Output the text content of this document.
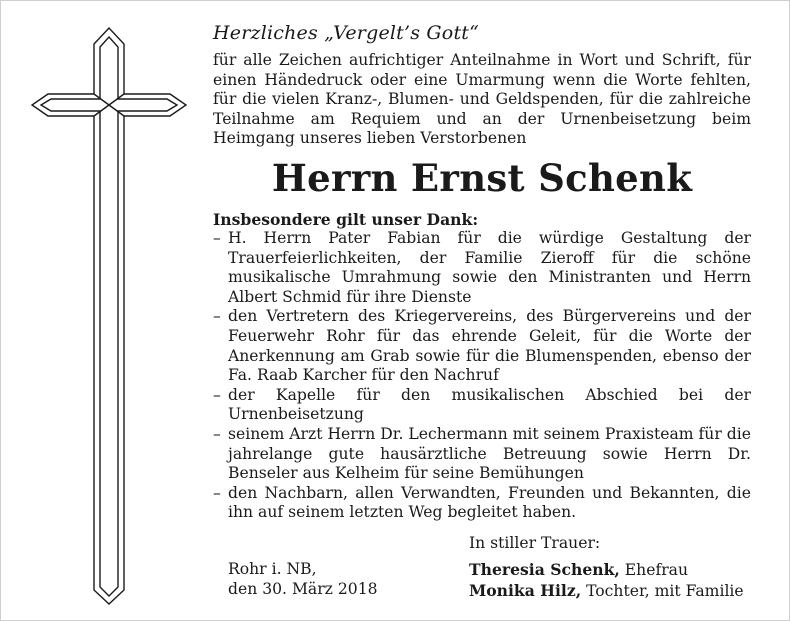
Herzliches „Vergelt’s Gott“
für alle Zeichen aufrichtiger Anteilnahme in Wort und Schrift, für einen Händedruck oder eine Umarmung wenn die Worte fehlten, für die vielen Kranz-, Blumen- und Geldspenden, für die zahlreiche Teilnahme am Requiem und an der Urnenbeisetzung beim Heimgang unseres lieben Verstorbenen
Herrn Ernst Schenk
Insbesondere gilt unser Dank:
– H. Herrn Pater Fabian für die würdige Gestaltung der Trauerfeierlichkeiten, der Familie Zieroff für die schöne musikalische Umrahmung sowie den Ministranten und Herrn Albert Schmid für ihre Dienste
– den Vertretern des Kriegervereins, des Bürgervereins und der Feuerwehr Rohr für das ehrende Geleit, für die Worte der Anerkennung am Grab sowie für die Blumenspenden, ebenso der Fa. Raab Karcher für den Nachruf
– der Kapelle für den musikalischen Abschied bei der Urnenbeisetzung
– seinem Arzt Herrn Dr. Lechermann mit seinem Praxisteam für die jahrelange gute hausärztliche Betreuung sowie Herrn Dr. Benseler aus Kelheim für seine Bemühungen
– den Nachbarn, allen Verwandten, Freunden und Bekannten, die ihn auf seinem letzten Weg begleitet haben.
In stiller Trauer:
Rohr i. NB,
den 30. März 2018
Theresia Schenk, Ehefrau
Monika Hilz, Tochter, mit Familie
